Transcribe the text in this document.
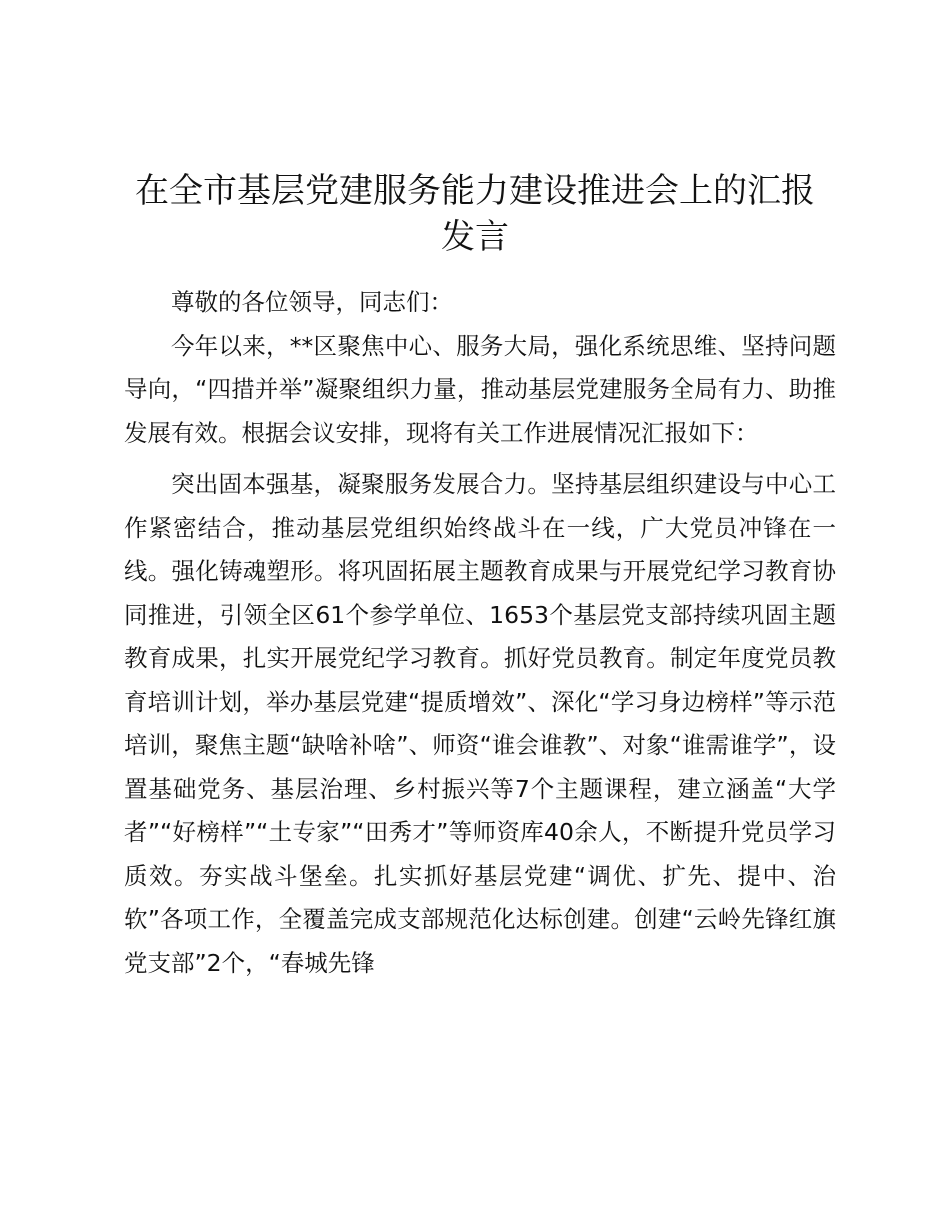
在全市基层党建服务能力建设推进会上的汇报发言

尊敬的各位领导，同志们：

今年以来，**区聚焦中心、服务大局，强化系统思维、坚持问题导向，“四措并举”凝聚组织力量，推动基层党建服务全局有力、助推发展有效。根据会议安排，现将有关工作进展情况汇报如下：

突出固本强基，凝聚服务发展合力。坚持基层组织建设与中心工作紧密结合，推动基层党组织始终战斗在一线，广大党员冲锋在一线。强化铸魂塑形。将巩固拓展主题教育成果与开展党纪学习教育协同推进，引领全区61个参学单位、1653个基层党支部持续巩固主题教育成果，扎实开展党纪学习教育。抓好党员教育。制定年度党员教育培训计划，举办基层党建“提质增效”、深化“学习身边榜样”等示范培训，聚焦主题“缺啥补啥”、师资“谁会谁教”、对象“谁需谁学”，设置基础党务、基层治理、乡村振兴等7个主题课程，建立涵盖“大学者”“好榜样”“土专家”“田秀才”等师资库40余人，不断提升党员学习质效。夯实战斗堡垒。扎实抓好基层党建“调优、扩先、提中、治软”各项工作，全覆盖完成支部规范化达标创建。创建“云岭先锋红旗党支部”2个，“春城先锋
